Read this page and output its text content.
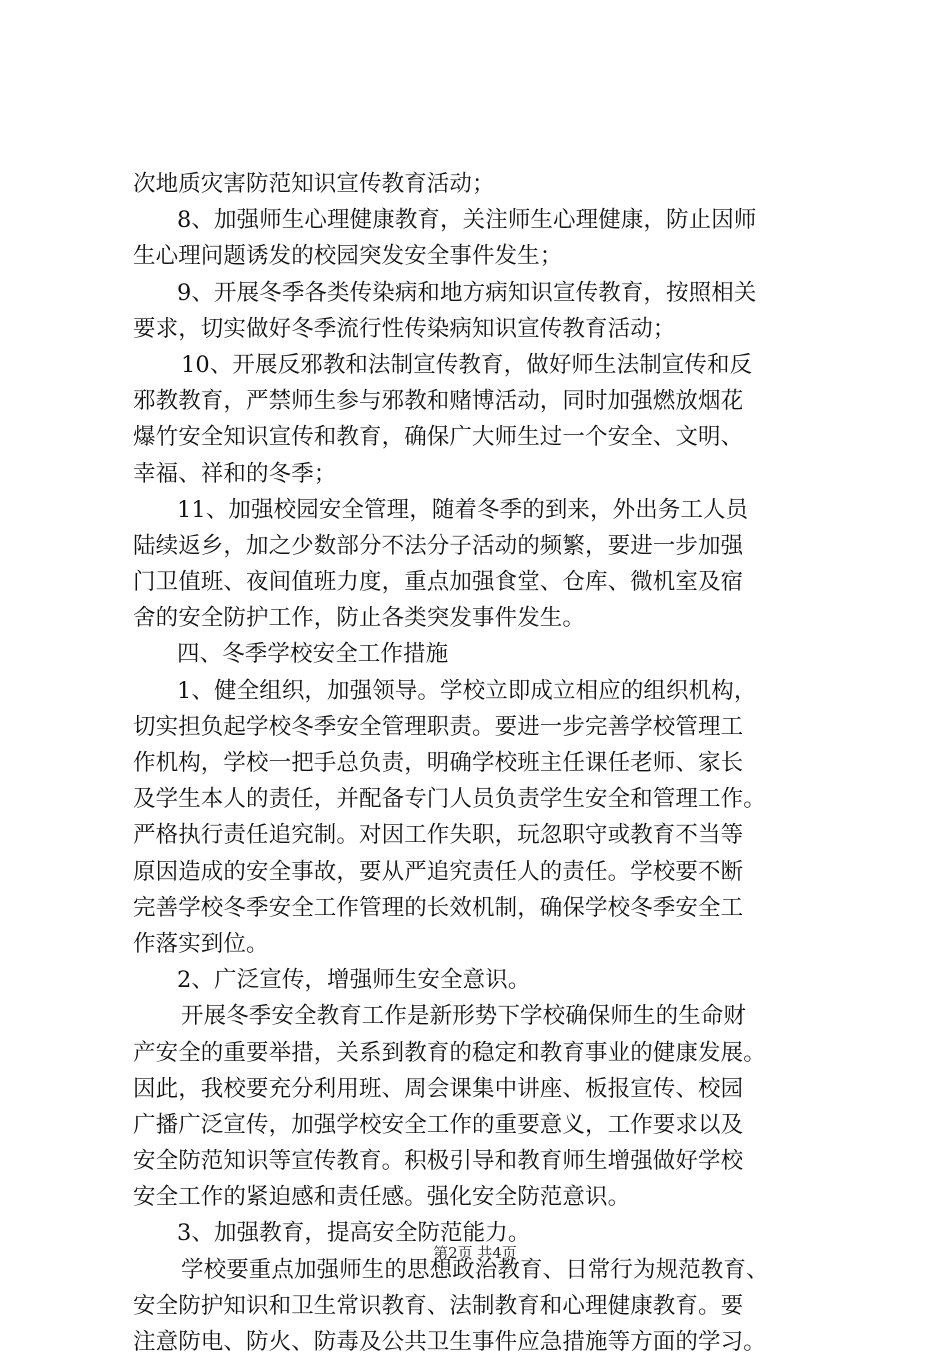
次地质灾害防范知识宣传教育活动；
8、加强师生心理健康教育，关注师生心理健康，防止因师
生心理问题诱发的校园突发安全事件发生；
9、开展冬季各类传染病和地方病知识宣传教育，按照相关
要求，切实做好冬季流行性传染病知识宣传教育活动；
10、开展反邪教和法制宣传教育，做好师生法制宣传和反
邪教教育，严禁师生参与邪教和赌博活动，同时加强燃放烟花
爆竹安全知识宣传和教育，确保广大师生过一个安全、文明、
幸福、祥和的冬季；
11、加强校园安全管理，随着冬季的到来，外出务工人员
陆续返乡，加之少数部分不法分子活动的频繁，要进一步加强
门卫值班、夜间值班力度，重点加强食堂、仓库、微机室及宿
舍的安全防护工作，防止各类突发事件发生。
四、冬季学校安全工作措施
1、健全组织，加强领导。学校立即成立相应的组织机构，
切实担负起学校冬季安全管理职责。要进一步完善学校管理工
作机构，学校一把手总负责，明确学校班主任课任老师、家长
及学生本人的责任，并配备专门人员负责学生安全和管理工作。
严格执行责任追究制。对因工作失职，玩忽职守或教育不当等
原因造成的安全事故，要从严追究责任人的责任。学校要不断
完善学校冬季安全工作管理的长效机制，确保学校冬季安全工
作落实到位。
2、广泛宣传，增强师生安全意识。
开展冬季安全教育工作是新形势下学校确保师生的生命财
产安全的重要举措，关系到教育的稳定和教育事业的健康发展。
因此，我校要充分利用班、周会课集中讲座、板报宣传、校园
广播广泛宣传，加强学校安全工作的重要意义，工作要求以及
安全防范知识等宣传教育。积极引导和教育师生增强做好学校
安全工作的紧迫感和责任感。强化安全防范意识。
3、加强教育，提高安全防范能力。
学校要重点加强师生的思想政治教育、日常行为规范教育、
安全防护知识和卫生常识教育、法制教育和心理健康教育。要
注意防电、防火、防毒及公共卫生事件应急措施等方面的学习。
第2页 共4页
